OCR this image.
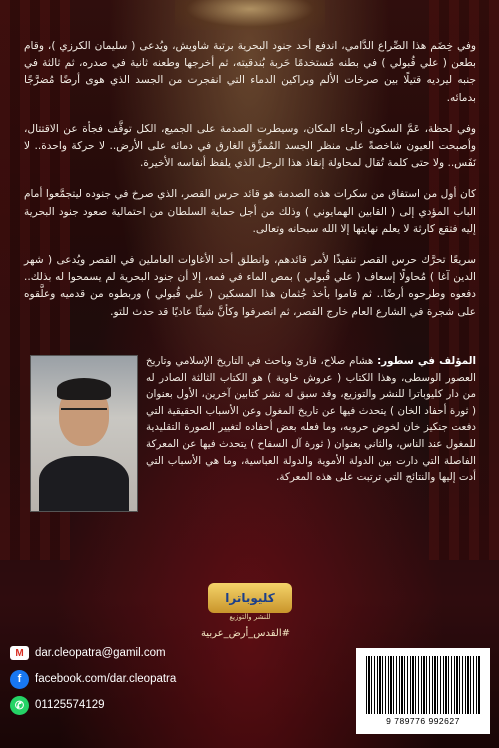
وفي خِضَم هذا الصِّراع الدَّامي، اندفع أحد جنود البحرية برتبة شاويش، ويُدعى ( سليمان الكرزي )، وقام بطعن ( علي قُبولي ) في بطنه مُستخدمًا حَربة بُندقيته، ثم أخرجها وطعنه ثانية في صدره، ثم ثالثة في جنبه ليرديه قتيلًا بين صرخات الألم وبراكين الدماء التي انفجرت من الجسد الذي هوى أرضًا مُضرَّجًا بدمائه.

وفي لحظة، عَمَّ السكون أرجاء المكان، وسيطرت الصدمة على الجميع، الكل توقَّف فجأة عن الاقتتال، وأصبحت العيون شاخصةً على منظر الجسد المُمزَّق الغارق في دمائه على الأرض.. لا حركة واحدة.. لا نَفَس.. ولا حتى كلمة تُقال لمحاولة إنقاذ هذا الرجل الذي يلفظ أنفاسه الأخيرة.

كان أول من استفاق من سكرات هذه الصدمة هو قائد حرس القصر، الذي صرخ في جنوده ليتجمَّعوا أمام الباب المؤدي إلى ( القابين الهمايوني ) وذلك من أجل حماية السلطان من احتمالية صعود جنود البحرية إليه فتقع كارثة لا يعلم نهايتها إلا الله سبحانه وتعالى.

سريعًا تحرَّك حرس القصر تنفيذًا لأمر قائدهم، وانطلق أحد الأغاوات العاملين في القصر ويُدعى ( شهر الدين آغا ) مُحاولًا إسعاف ( علي قُبولي ) بمص الماء في فمه، إلا أن جنود البحرية لم يسمحوا له بذلك.. دفعوه وطرحوه أرضًا.. ثم قاموا بأخذ جُثمان هذا المسكين ( علي قُبولي ) وربطوه من قدميه وعلَّقوه على شجرة في الشارع العام خارج القصر، ثم انصرفوا وكأنَّ شيئًا عاديًا قد حدث للتو.

المؤلف في سطور: هشام صلاح، قارئ وباحث في التاريخ الإسلامي وتاريخ العصور الوسطى، وهذا الكتاب ( عروش خاوية ) هو الكتاب الثالثة الصادر له من دار كليوباترا للنشر والتوزيع، وقد سبق له نشر كتابين آخرين، الأول بعنوان ( ثورة أحفاد الخان ) يتحدث فيها عن تاريخ المغول وعن الأسباب الحقيقية التي دفعت جنكيز خان لخوض حروبه، وما فعله بعض أحفاده لتغيير الصورة التقليدية للمغول عند الناس، والثاني بعنوان ( ثورة آل السفاح ) يتحدث فيها عن المعركة الفاصلة التي دارت بين الدولة الأموية والدولة العباسية، وما هي الأسباب التي أدت إليها والنتائج التي ترتبت على هذه المعركة.
كليوباترا
للنشر والتوزيع
#القدس_أرض_عربية
M dar.cleopatra@gamil.com
f	facebook.com/dar.cleopatra
✆ 01125574129
9 789776 992627
